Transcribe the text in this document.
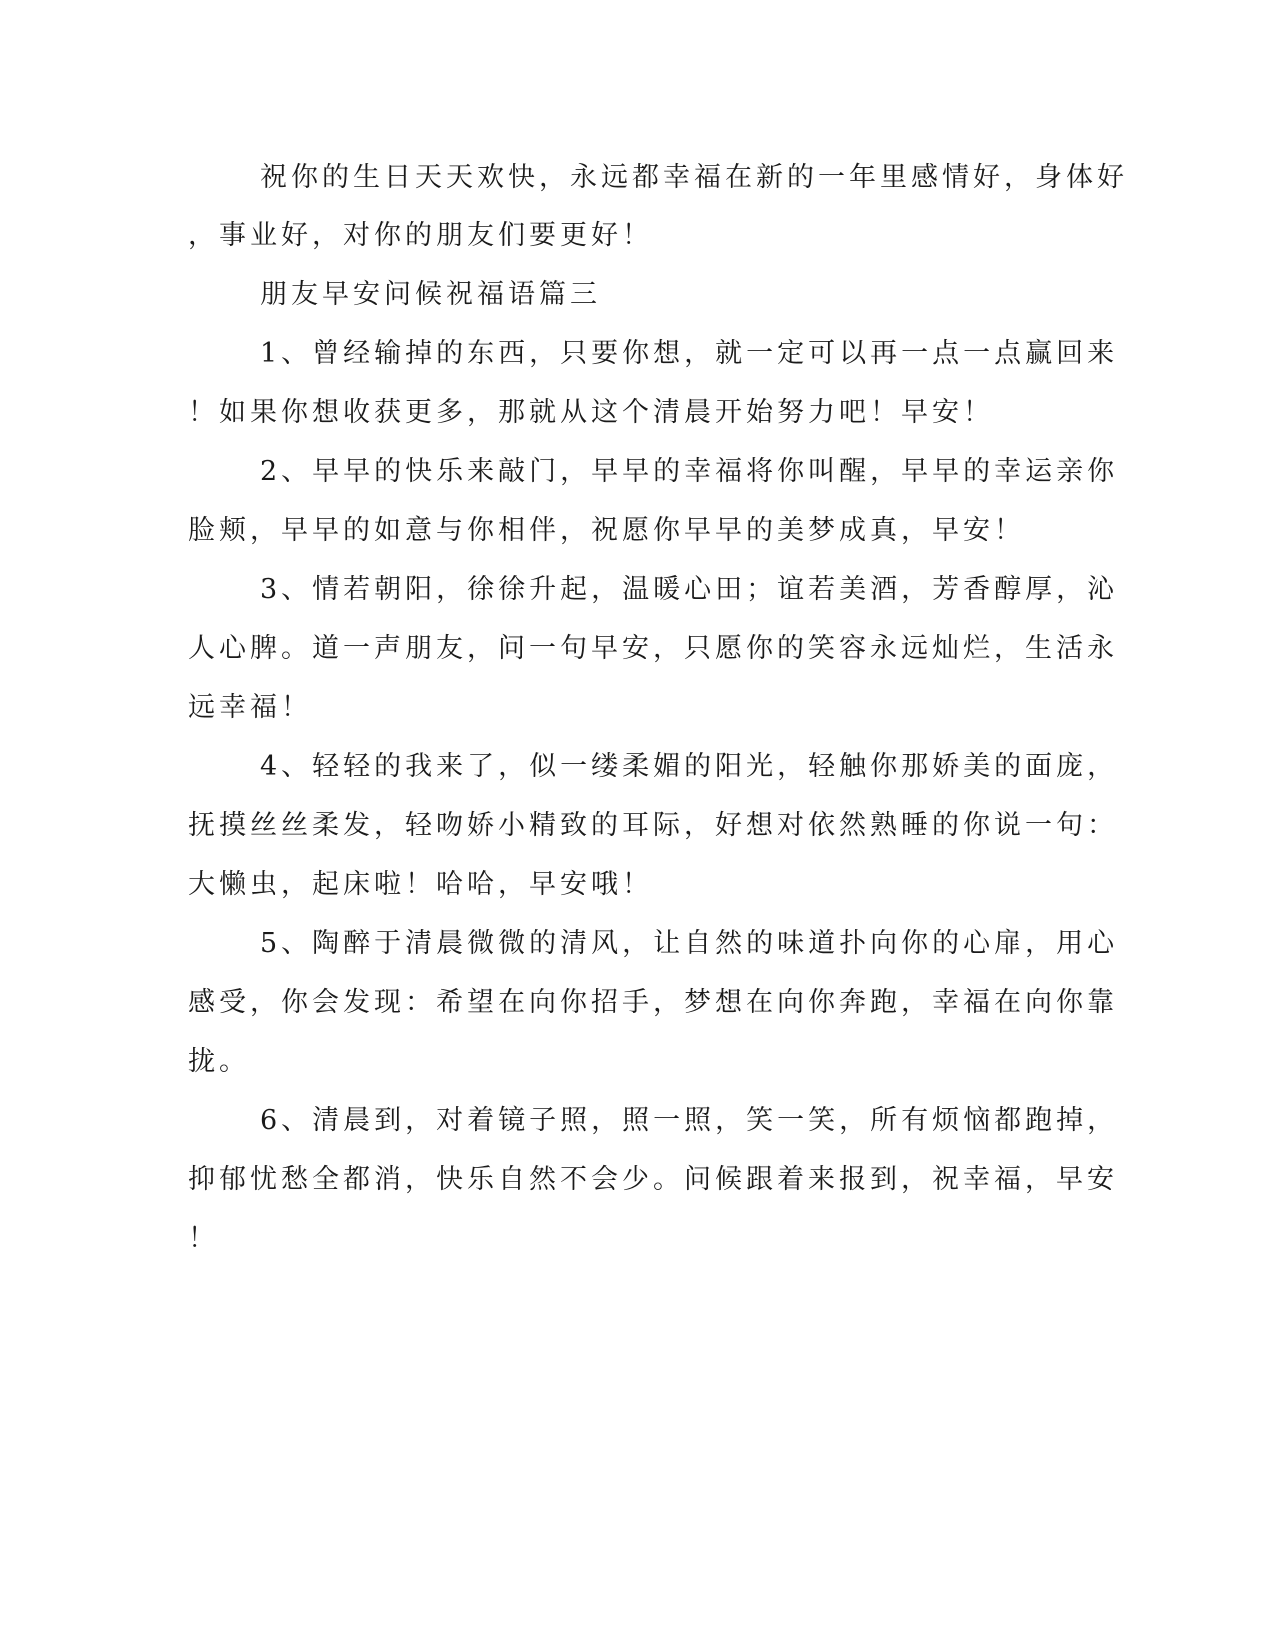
祝你的生日天天欢快，永远都幸福在新的一年里感情好，身体好
，事业好，对你的朋友们要更好！
朋友早安问候祝福语篇三
1、曾经输掉的东西，只要你想，就一定可以再一点一点赢回来
！如果你想收获更多，那就从这个清晨开始努力吧！早安！
2、早早的快乐来敲门，早早的幸福将你叫醒，早早的幸运亲你
脸颊，早早的如意与你相伴，祝愿你早早的美梦成真，早安！
3、情若朝阳，徐徐升起，温暖心田；谊若美酒，芳香醇厚，沁
人心脾。道一声朋友，问一句早安，只愿你的笑容永远灿烂，生活永
远幸福！
4、轻轻的我来了，似一缕柔媚的阳光，轻触你那娇美的面庞，
抚摸丝丝柔发，轻吻娇小精致的耳际，好想对依然熟睡的你说一句：
大懒虫，起床啦！哈哈，早安哦！
5、陶醉于清晨微微的清风，让自然的味道扑向你的心扉，用心
感受，你会发现：希望在向你招手，梦想在向你奔跑，幸福在向你靠
拢。
6、清晨到，对着镜子照，照一照，笑一笑，所有烦恼都跑掉，
抑郁忧愁全都消，快乐自然不会少。问候跟着来报到，祝幸福，早安
！
